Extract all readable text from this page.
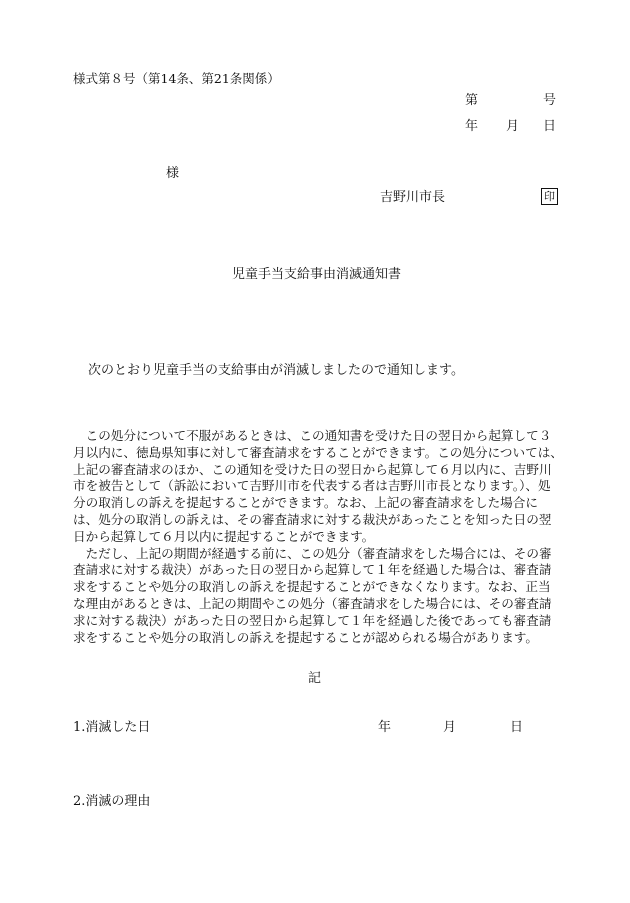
様式第８号（第14条、第21条関係）
第	号
年 月 日
様
吉野川市長	印
児童手当支給事由消滅通知書
次のとおり児童手当の支給事由が消滅しましたので通知します。

この処分について不服があるときは、この通知書を受けた日の翌日から起算して３月以内に、徳島県知事に対して審査請求をすることができます。この処分については、上記の審査請求のほか、この通知を受けた日の翌日から起算して６月以内に、吉野川市を被告として（訴訟において吉野川市を代表する者は吉野川市長となります。）、処分の取消しの訴えを提起することができます。なお、上記の審査請求をした場合には、処分の取消しの訴えは、その審査請求に対する裁決があったことを知った日の翌日から起算して６月以内に提起することができます。

ただし、上記の期間が経過する前に、この処分（審査請求をした場合には、その審査請求に対する裁決）があった日の翌日から起算して１年を経過した場合は、審査請求をすることや処分の取消しの訴えを提起することができなくなります。なお、正当な理由があるときは、上記の期間やこの処分（審査請求をした場合には、その審査請求に対する裁決）があった日の翌日から起算して１年を経過した後であっても審査請求をすることや処分の取消しの訴えを提起することが認められる場合があります。

記
1.消滅した日	年	月	日
2.消滅の理由
